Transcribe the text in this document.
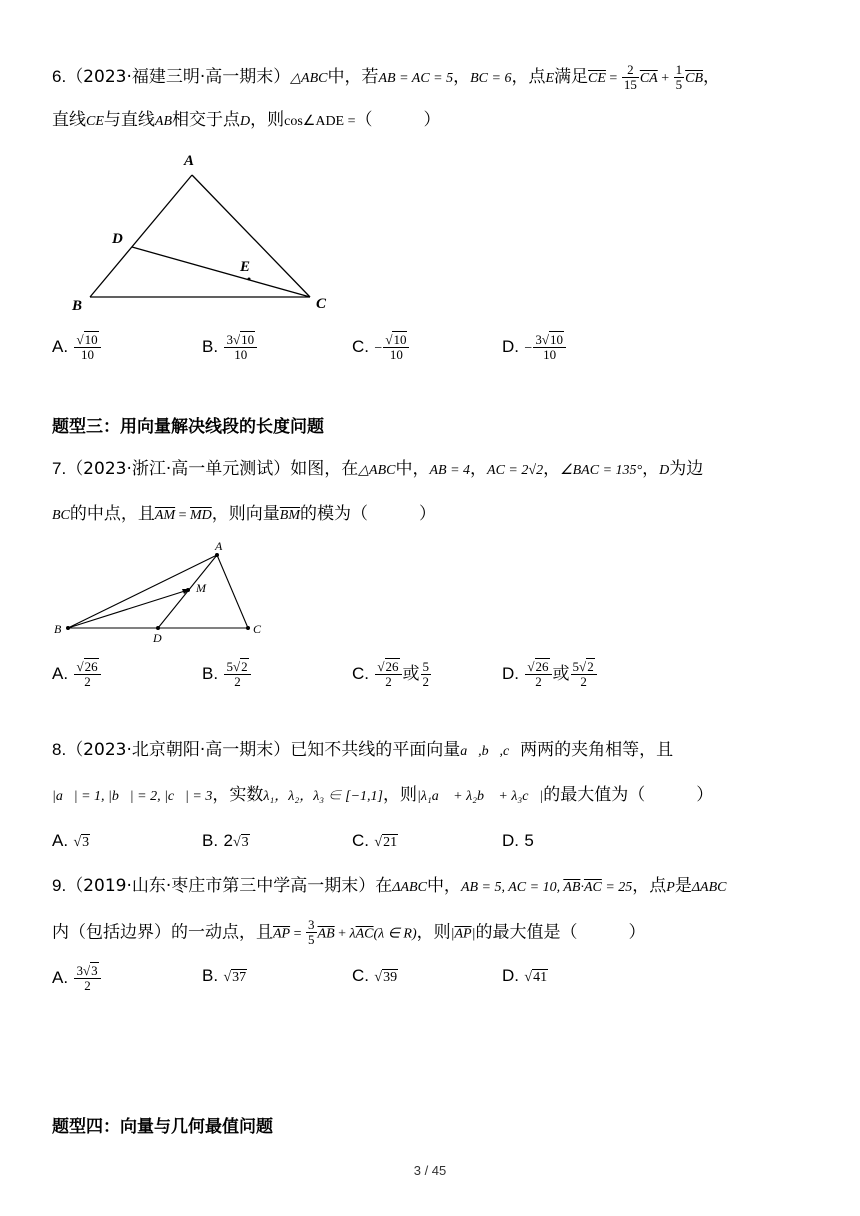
6.（2023·福建三明·高一期末）△ABC中，若AB = AC = 5，BC = 6，点E满足$\overline{CE} = \frac{2}{15} \overline{CA} + \frac{1}{5} \overline{CB}$，
直线CE与直线AB相交于点D，则cos∠ADE =（　　　）
A
B	C
D
E
A. $\frac{√10}{10}$	B. $\frac{3√10}{10}$	C. − $\frac{√10}{10}$	D. − $\frac{3√10}{10}$
题型三：用向量解决线段的长度问题
7.（2023·浙江·高一单元测试）如图，在△ABC中，AB = 4，AC = 2√2，∠BAC = 135°，D为边
BC的中点，且$\overline{AM} = \overline{MD}$，则向量$\overline{BM}$的模为（　　　）
A
B	C
D
M
A. $\frac{√26}{2}$	B. $\frac{5√2}{2}$	C. $\frac{√26}{2}$ 或 $\frac{5}{2}$	D. $\frac{√26}{2}$ 或 $\frac{5√2}{2}$
8.（2023·北京朝阳·高一期末）已知不共线的平面向量a⃗,b⃗,c⃗两两的夹角相等，且
|a⃗| = 1, |b⃗| = 2, |c⃗| = 3，实数λ₁，λ₂，λ₃ ∈ [−1,1]，则|λ₁a⃗ + λ₂b⃗ + λ₃c⃗|的最大值为（　　　）
A. √3	B. 2√3	C. √21	D. 5
9.（2019·山东·枣庄市第三中学高一期末）在ΔABC中，AB = 5, AC = 10, $\overline{AB}\cdot\overline{AC} = 25$，点P是ΔABC
内（包括边界）的一动点，且$\overline{AP} = \frac{3}{5} \overline{AB} + \lambda\overline{AC}(\lambda$ ∈ R)，则$|\overline{AP}|$的最大值是（　　　）
A. $\frac{3√3}{2}$	B. √37	C. √39	D. √41
题型四：向量与几何最值问题
3 / 45
